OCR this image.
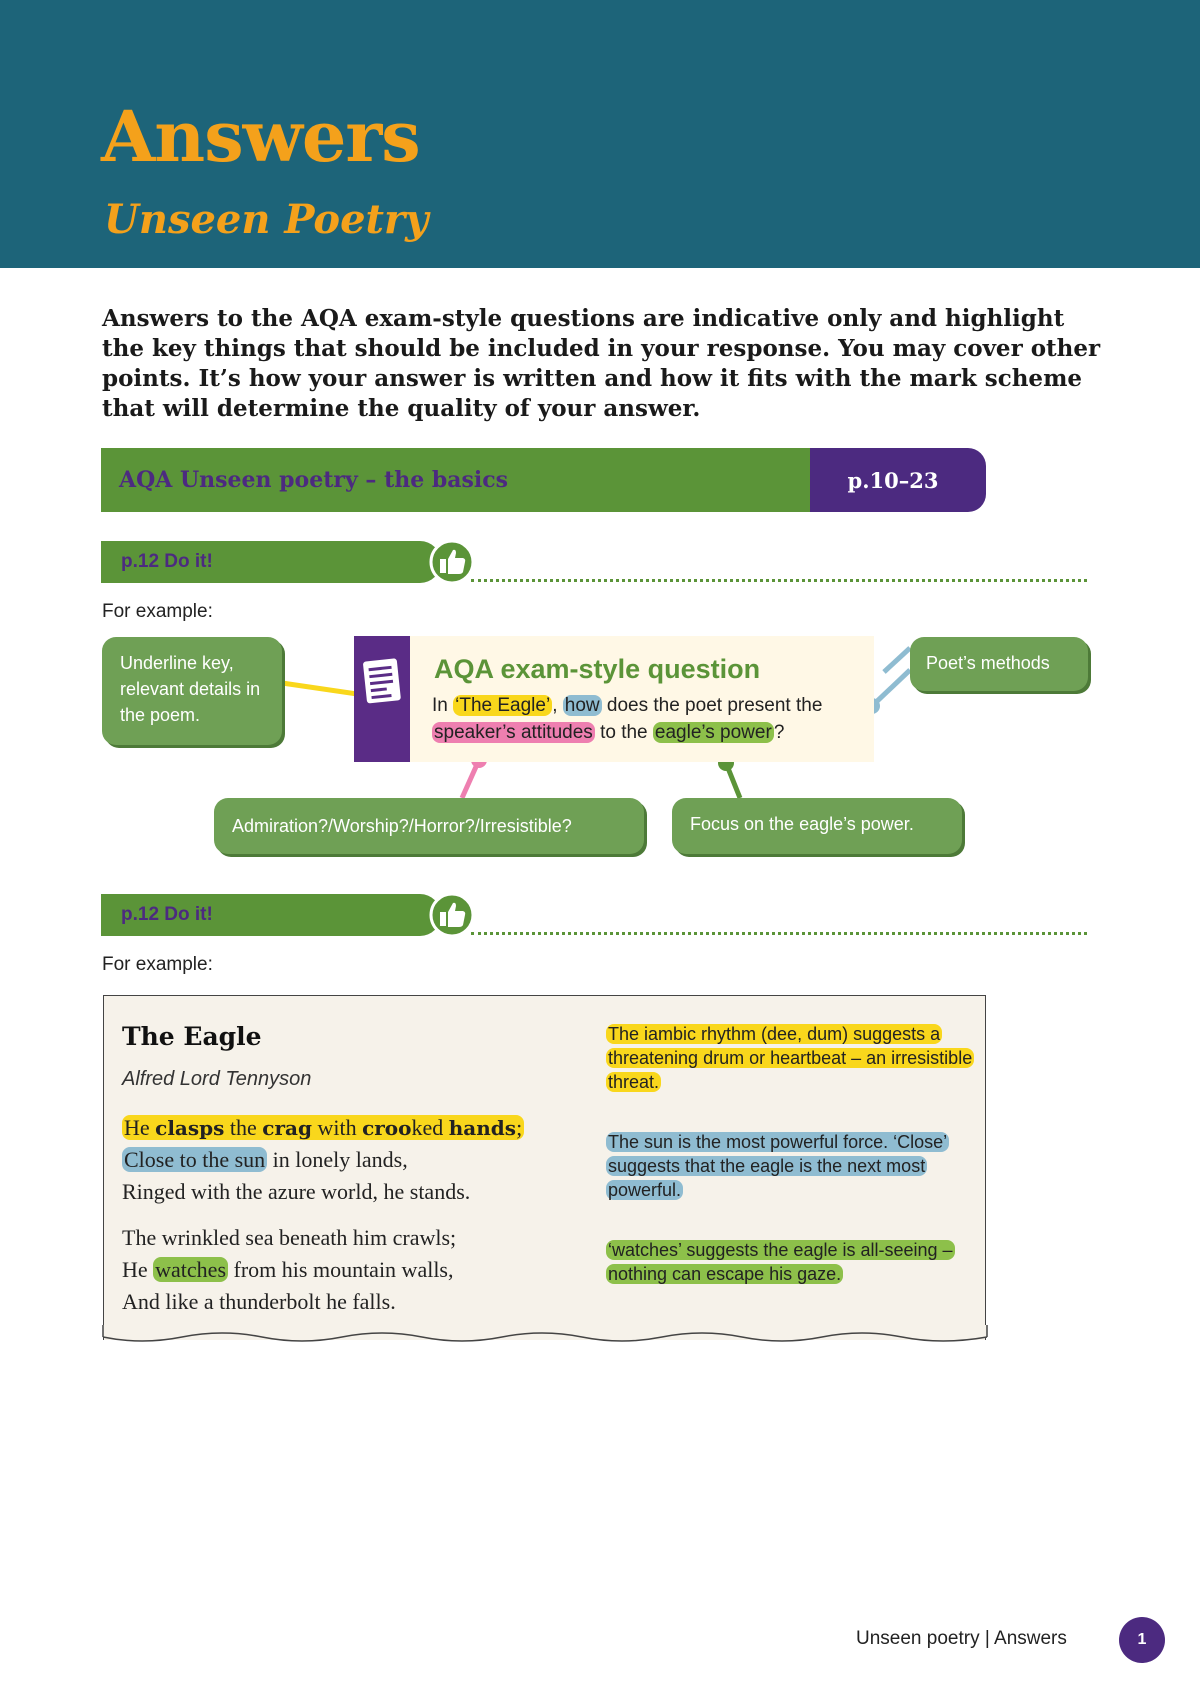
Answers
Unseen Poetry

Answers to the AQA exam-style questions are indicative only and highlight the key things that should be included in your response. You may cover other points. It’s how your answer is written and how it fits with the mark scheme that will determine the quality of your answer.

AQA Unseen poetry – the basics	p.10–23
p.12 Do it!
For example:
Underline key, relevant details in the poem.
Poet’s methods
Admiration?/Worship?/Horror?/Irresistible?	Focus on the eagle’s power.
AQA exam-style question
In ‘The Eagle’ , how does the poet present the speaker’s attitudes to the eagle’s power ?
p.12 Do it!
For example:
The Eagle
Alfred Lord Tennyson
He clasps the crag with crooked hands;
Close to the sun in lonely lands,
Ringed with the azure world, he stands.
The wrinkled sea beneath him crawls;
He watches from his mountain walls,
And like a thunderbolt he falls.
The iambic rhythm (dee, dum) suggests a threatening drum or heartbeat – an irresistible threat.
The sun is the most powerful force. ‘Close’ suggests that the eagle is the next most powerful.
‘watches’ suggests the eagle is all-seeing – nothing can escape his gaze.
Unseen poetry | Answers	1
